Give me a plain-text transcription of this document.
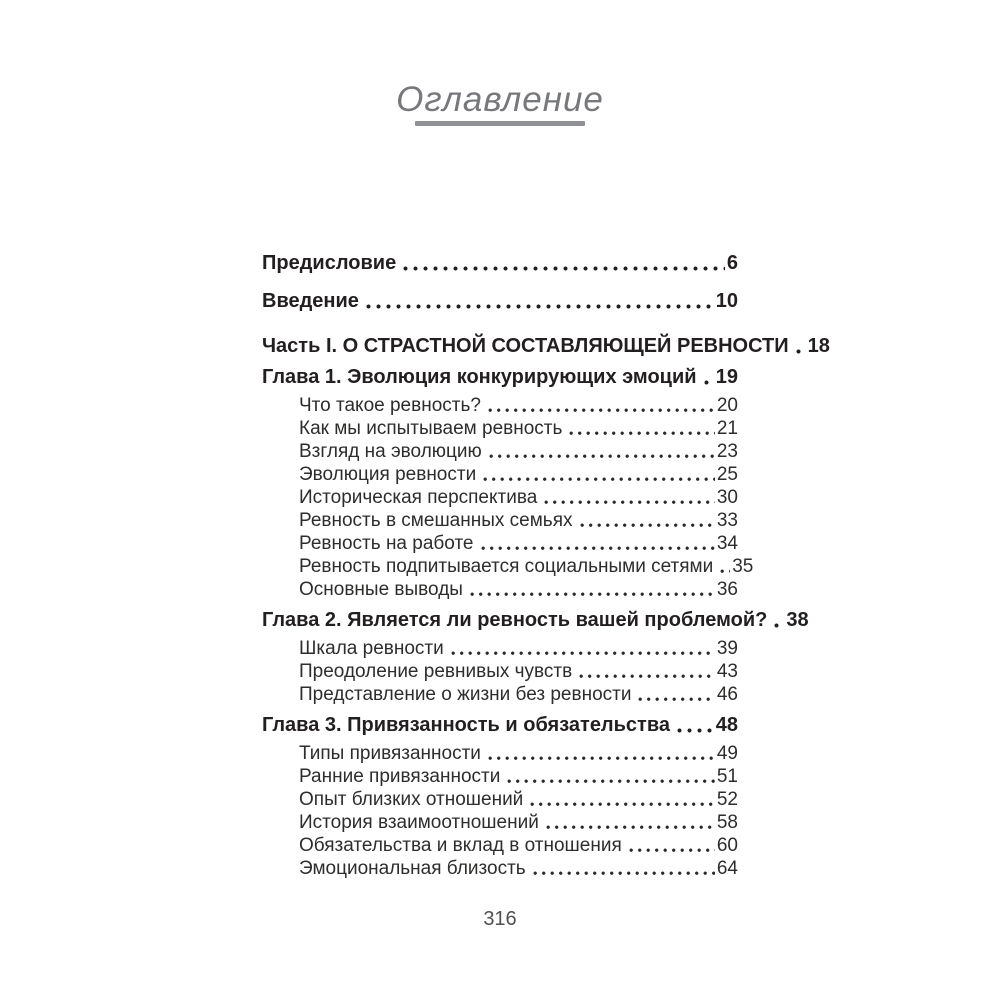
Оглавление
Предисловие	6
Введение	10
Часть I. О СТРАСТНОЙ СОСТАВЛЯЮЩЕЙ РЕВНОСТИ 18
Глава 1. Эволюция конкурирующих эмоций 19
Что такое ревность?	20
Как мы испытываем ревность	21
Взгляд на эволюцию	23
Эволюция ревности	25
Историческая перспектива	30
Ревность в смешанных семьях	33
Ревность на работе	34
Ревность подпитывается социальными сетями 35
Основные выводы	36
Глава 2. Является ли ревность вашей проблемой? 38
Шкала ревности	39
Преодоление ревнивых чувств	43
Представление о жизни без ревности	46
Глава 3. Привязанность и обязательства 48
Типы привязанности	49
Ранние привязанности	51
Опыт близких отношений	52
История взаимоотношений	58
Обязательства и вклад в отношения	60
Эмоциональная близость	64
316
